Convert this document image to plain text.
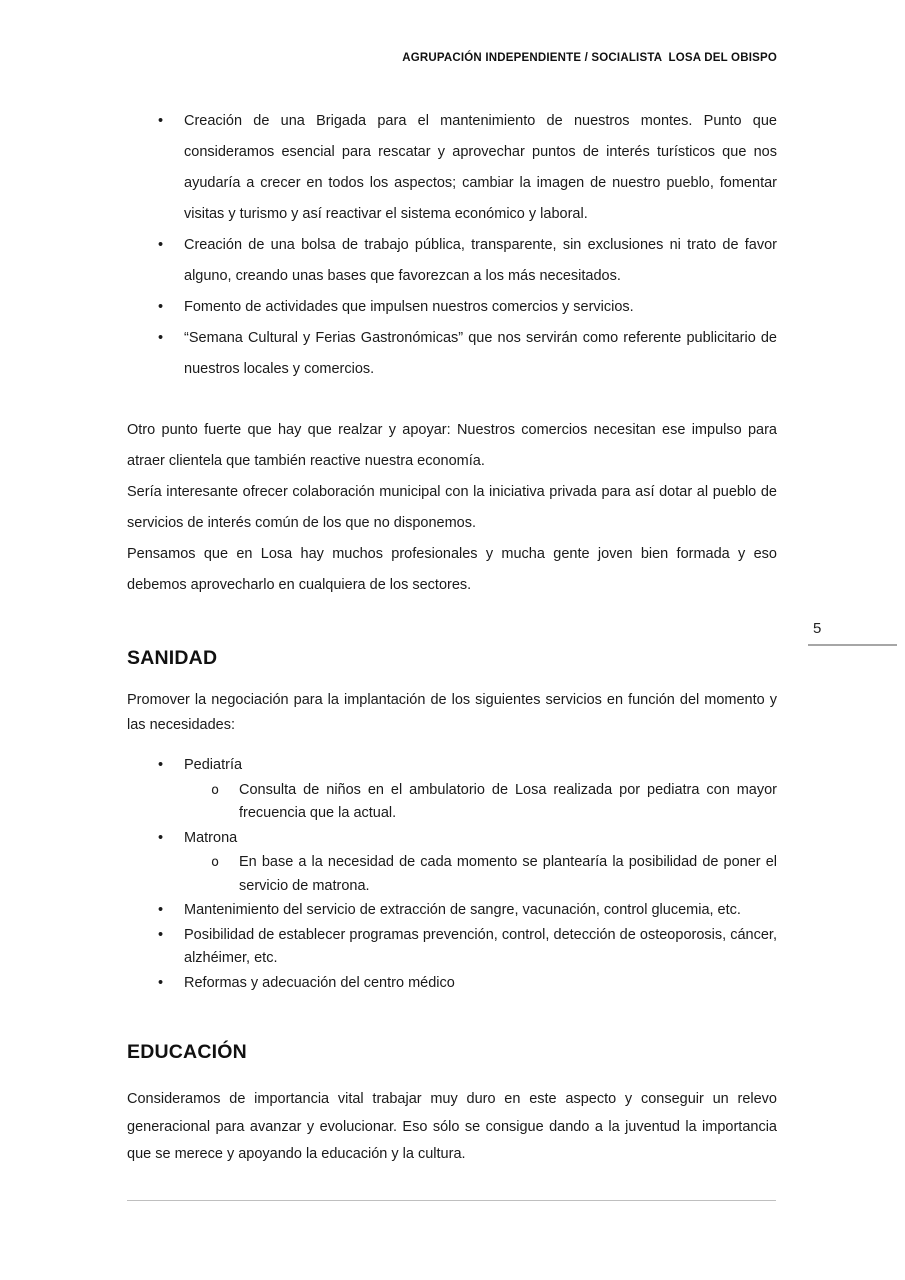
AGRUPACIÓN INDEPENDIENTE / SOCIALISTA  LOSA DEL OBISPO
• Creación de una Brigada para el mantenimiento de nuestros montes. Punto que consideramos esencial para rescatar y aprovechar puntos de interés turísticos que nos ayudaría a crecer en todos los aspectos; cambiar la imagen de nuestro pueblo, fomentar visitas y turismo y así reactivar el sistema económico y laboral.
• Creación de una bolsa de trabajo pública, transparente, sin exclusiones ni trato de favor alguno, creando unas bases que favorezcan a los más necesitados.
• Fomento de actividades que impulsen nuestros comercios y servicios.
• “Semana Cultural y Ferias Gastronómicas” que nos servirán como referente publicitario de nuestros locales y comercios.

Otro punto fuerte que hay que realzar y apoyar: Nuestros comercios necesitan ese impulso para atraer clientela que también reactive nuestra economía.

Sería interesante ofrecer colaboración municipal con la iniciativa privada para así dotar al pueblo de servicios de interés común de los que no disponemos.

Pensamos que en Losa hay muchos profesionales y mucha gente joven bien formada y eso debemos aprovecharlo en cualquiera de los sectores.

SANIDAD

Promover la negociación para la implantación de los siguientes servicios en función del momento y las necesidades:

• Pediatría
o Consulta de niños en el ambulatorio de Losa realizada por pediatra con mayor frecuencia que la actual.
• Matrona
o En base a la necesidad de cada momento se plantearía la posibilidad de poner el servicio de matrona.
• Mantenimiento del servicio de extracción de sangre, vacunación, control glucemia, etc.
• Posibilidad de establecer programas prevención, control, detección de osteoporosis, cáncer, alzhéimer, etc.
• Reformas y adecuación del centro médico
EDUCACIÓN

Consideramos de importancia vital trabajar muy duro en este aspecto y conseguir un relevo generacional para avanzar y evolucionar. Eso sólo se consigue dando a la juventud la importancia que se merece y apoyando la educación y la cultura.

5
